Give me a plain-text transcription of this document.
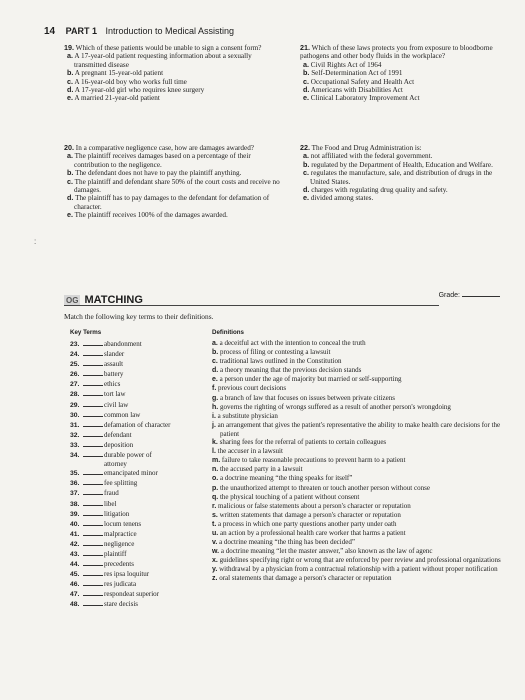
14 PART 1 Introduction to Medical Assisting
:
19. Which of these patients would be unable to sign a consent form?
a. A 17-year-old patient requesting information about a sexually transmitted disease
b. A pregnant 15-year-old patient
c. A 16-year-old boy who works full time
d. A 17-year-old girl who requires knee surgery
e. A married 21-year-old patient
20. In a comparative negligence case, how are damages awarded?
a. The plaintiff receives damages based on a percentage of their contribution to the negligence.
b. The defendant does not have to pay the plaintiff anything.
c. The plaintiff and defendant share 50% of the court costs and receive no damages.
d. The plaintiff has to pay damages to the defendant for defamation of character.
e. The plaintiff receives 100% of the damages awarded.
21. Which of these laws protects you from exposure to bloodborne pathogens and other body fluids in the workplace?
a. Civil Rights Act of 1964
b. Self-Determination Act of 1991
c. Occupational Safety and Health Act
d. Americans with Disabilities Act
e. Clinical Laboratory Improvement Act
22. The Food and Drug Administration is:
a. not affiliated with the federal government.
b. regulated by the Department of Health, Education and Welfare.
c. regulates the manufacture, sale, and distribution of drugs in the United States.
d. charges with regulating drug quality and safety.
e. divided among states.
OG MATCHING	Grade:
Match the following key terms to their definitions.
Key Terms	Definitions
23.	abandonment
24.	slander
25.	assault
26.	battery
27.	ethics
28.	tort law
29.	civil law
30.	common law
31.	defamation of character
32.	defendant
33.	deposition
34.	durable power of
attorney
35.	emancipated minor
36.	fee splitting
37.	fraud
38.	libel
39.	litigation
40.	locum tenens
41.	malpractice
42.	negligence
43.	plaintiff
44.	precedents
45.	res ipsa loquitur
46.	res judicata
47.	respondeat superior
48.	stare decisis
a. a deceitful act with the intention to conceal the truth
b. process of filing or contesting a lawsuit
c. traditional laws outlined in the Constitution
d. a theory meaning that the previous decision stands
e. a person under the age of majority but married or self-supporting
f. previous court decisions
g. a branch of law that focuses on issues between private citizens
h. governs the righting of wrongs suffered as a result of another person's wrongdoing
i. a substitute physician
j. an arrangement that gives the patient's representative the ability to make health care decisions for the patient
k. sharing fees for the referral of patients to certain colleagues
l. the accuser in a lawsuit
m. failure to take reasonable precautions to prevent harm to a patient
n. the accused party in a lawsuit
o. a doctrine meaning “the thing speaks for itself”
p. the unauthorized attempt to threaten or touch another person without conse
q. the physical touching of a patient without consent
r. malicious or false statements about a person's character or reputation
s. written statements that damage a person's character or reputation
t. a process in which one party questions another party under oath
u. an action by a professional health care worker that harms a patient
v. a doctrine meaning “the thing has been decided”
w. a doctrine meaning “let the master answer,” also known as the law of agenc
x. guidelines specifying right or wrong that are enforced by peer review and professional organizations
y. withdrawal by a physician from a contractual relationship with a patient without proper notification
z. oral statements that damage a person's character or reputation
